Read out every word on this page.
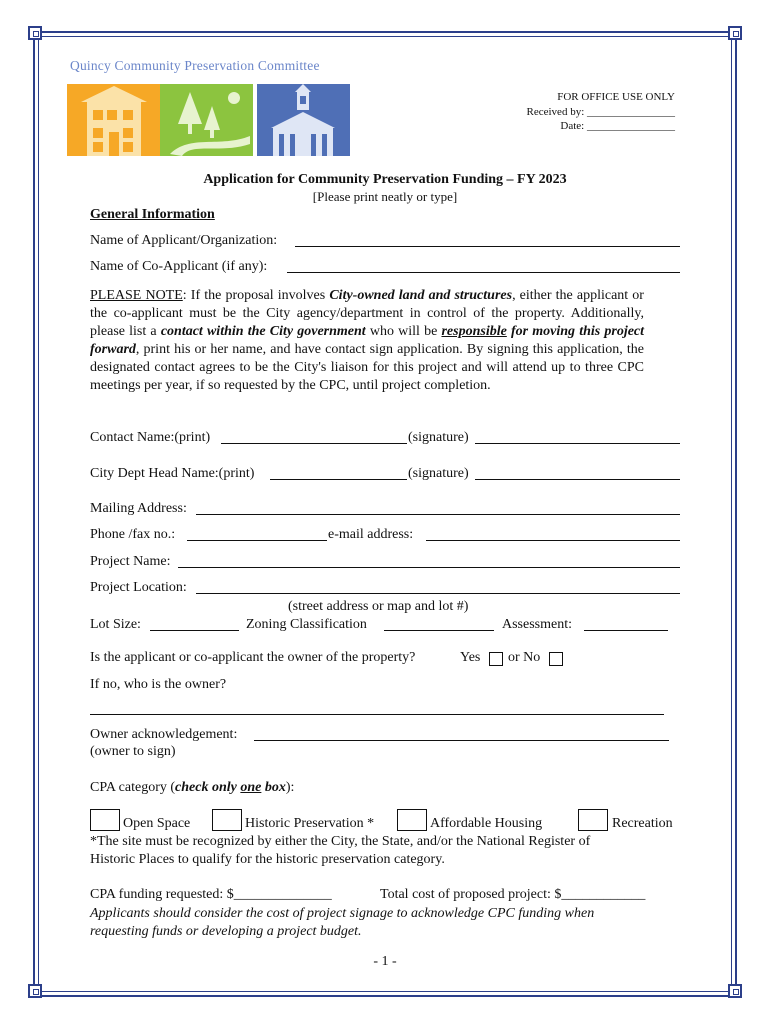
Quincy Community Preservation Committee
FOR OFFICE USE ONLY
Received by: ________________
Date: ________________
Application for Community Preservation Funding – FY 2023
[Please print neatly or type]
General Information
Name of Applicant/Organization:
Name of Co-Applicant (if any):
PLEASE NOTE: If the proposal involves City-owned land and structures, either the applicant or the co-applicant must be the City agency/department in control of the property. Additionally, please list a contact within the City government who will be responsible for moving this project forward, print his or her name, and have contact sign application. By signing this application, the designated contact agrees to be the City's liaison for this project and will attend up to three CPC meetings per year, if so requested by the CPC, until project completion.
Contact Name:(print)	(signature)
City Dept Head Name:(print)	(signature)
Mailing Address:
Phone /fax no.:	e-mail address:
Project Name:
Project Location:
(street address or map and lot #)
Lot Size:	Zoning Classification	Assessment:
Is the applicant or co-applicant the owner of the property?	Yes or No
If no, who is the owner?
Owner acknowledgement:
(owner to sign)
CPA category (check only one box):
Open Space	Historic Preservation *	Affordable Housing	Recreation
*The site must be recognized by either the City, the State, and/or the National Register of
Historic Places to qualify for the historic preservation category.
CPA funding requested: $______________	Total cost of proposed project: $____________
Applicants should consider the cost of project signage to acknowledge CPC funding when
requesting funds or developing a project budget.
- 1 -
